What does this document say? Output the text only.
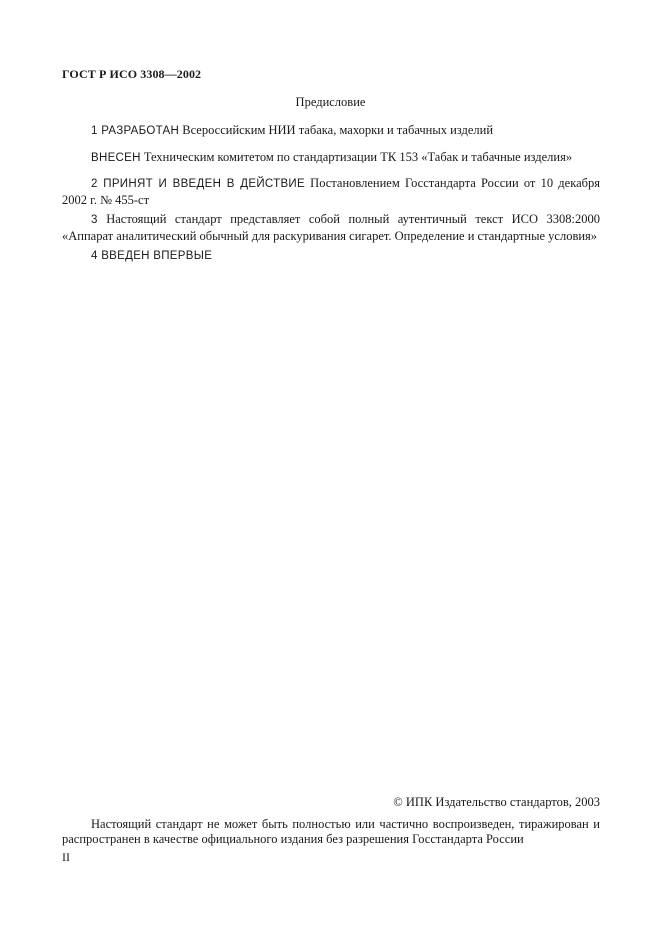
ГОСТ Р ИСО 3308—2002
Предисловие

1 РАЗРАБОТАН Всероссийским НИИ табака, махорки и табачных изделий

ВНЕСЕН Техническим комитетом по стандартизации ТК 153 «Табак и табачные изделия»

2 ПРИНЯТ И ВВЕДЕН В ДЕЙСТВИЕ Постановлением Госстандарта России от 10 декабря 2002 г. № 455-ст

3 Настоящий стандарт представляет собой полный аутентичный текст ИСО 3308:2000 «Аппарат аналитический обычный для раскуривания сигарет. Определение и стандартные условия»

4 ВВЕДЕН ВПЕРВЫЕ

© ИПК Издательство стандартов, 2003

Настоящий стандарт не может быть полностью или частично воспроизведен, тиражирован и распространен в качестве официального издания без разрешения Госстандарта России

II
